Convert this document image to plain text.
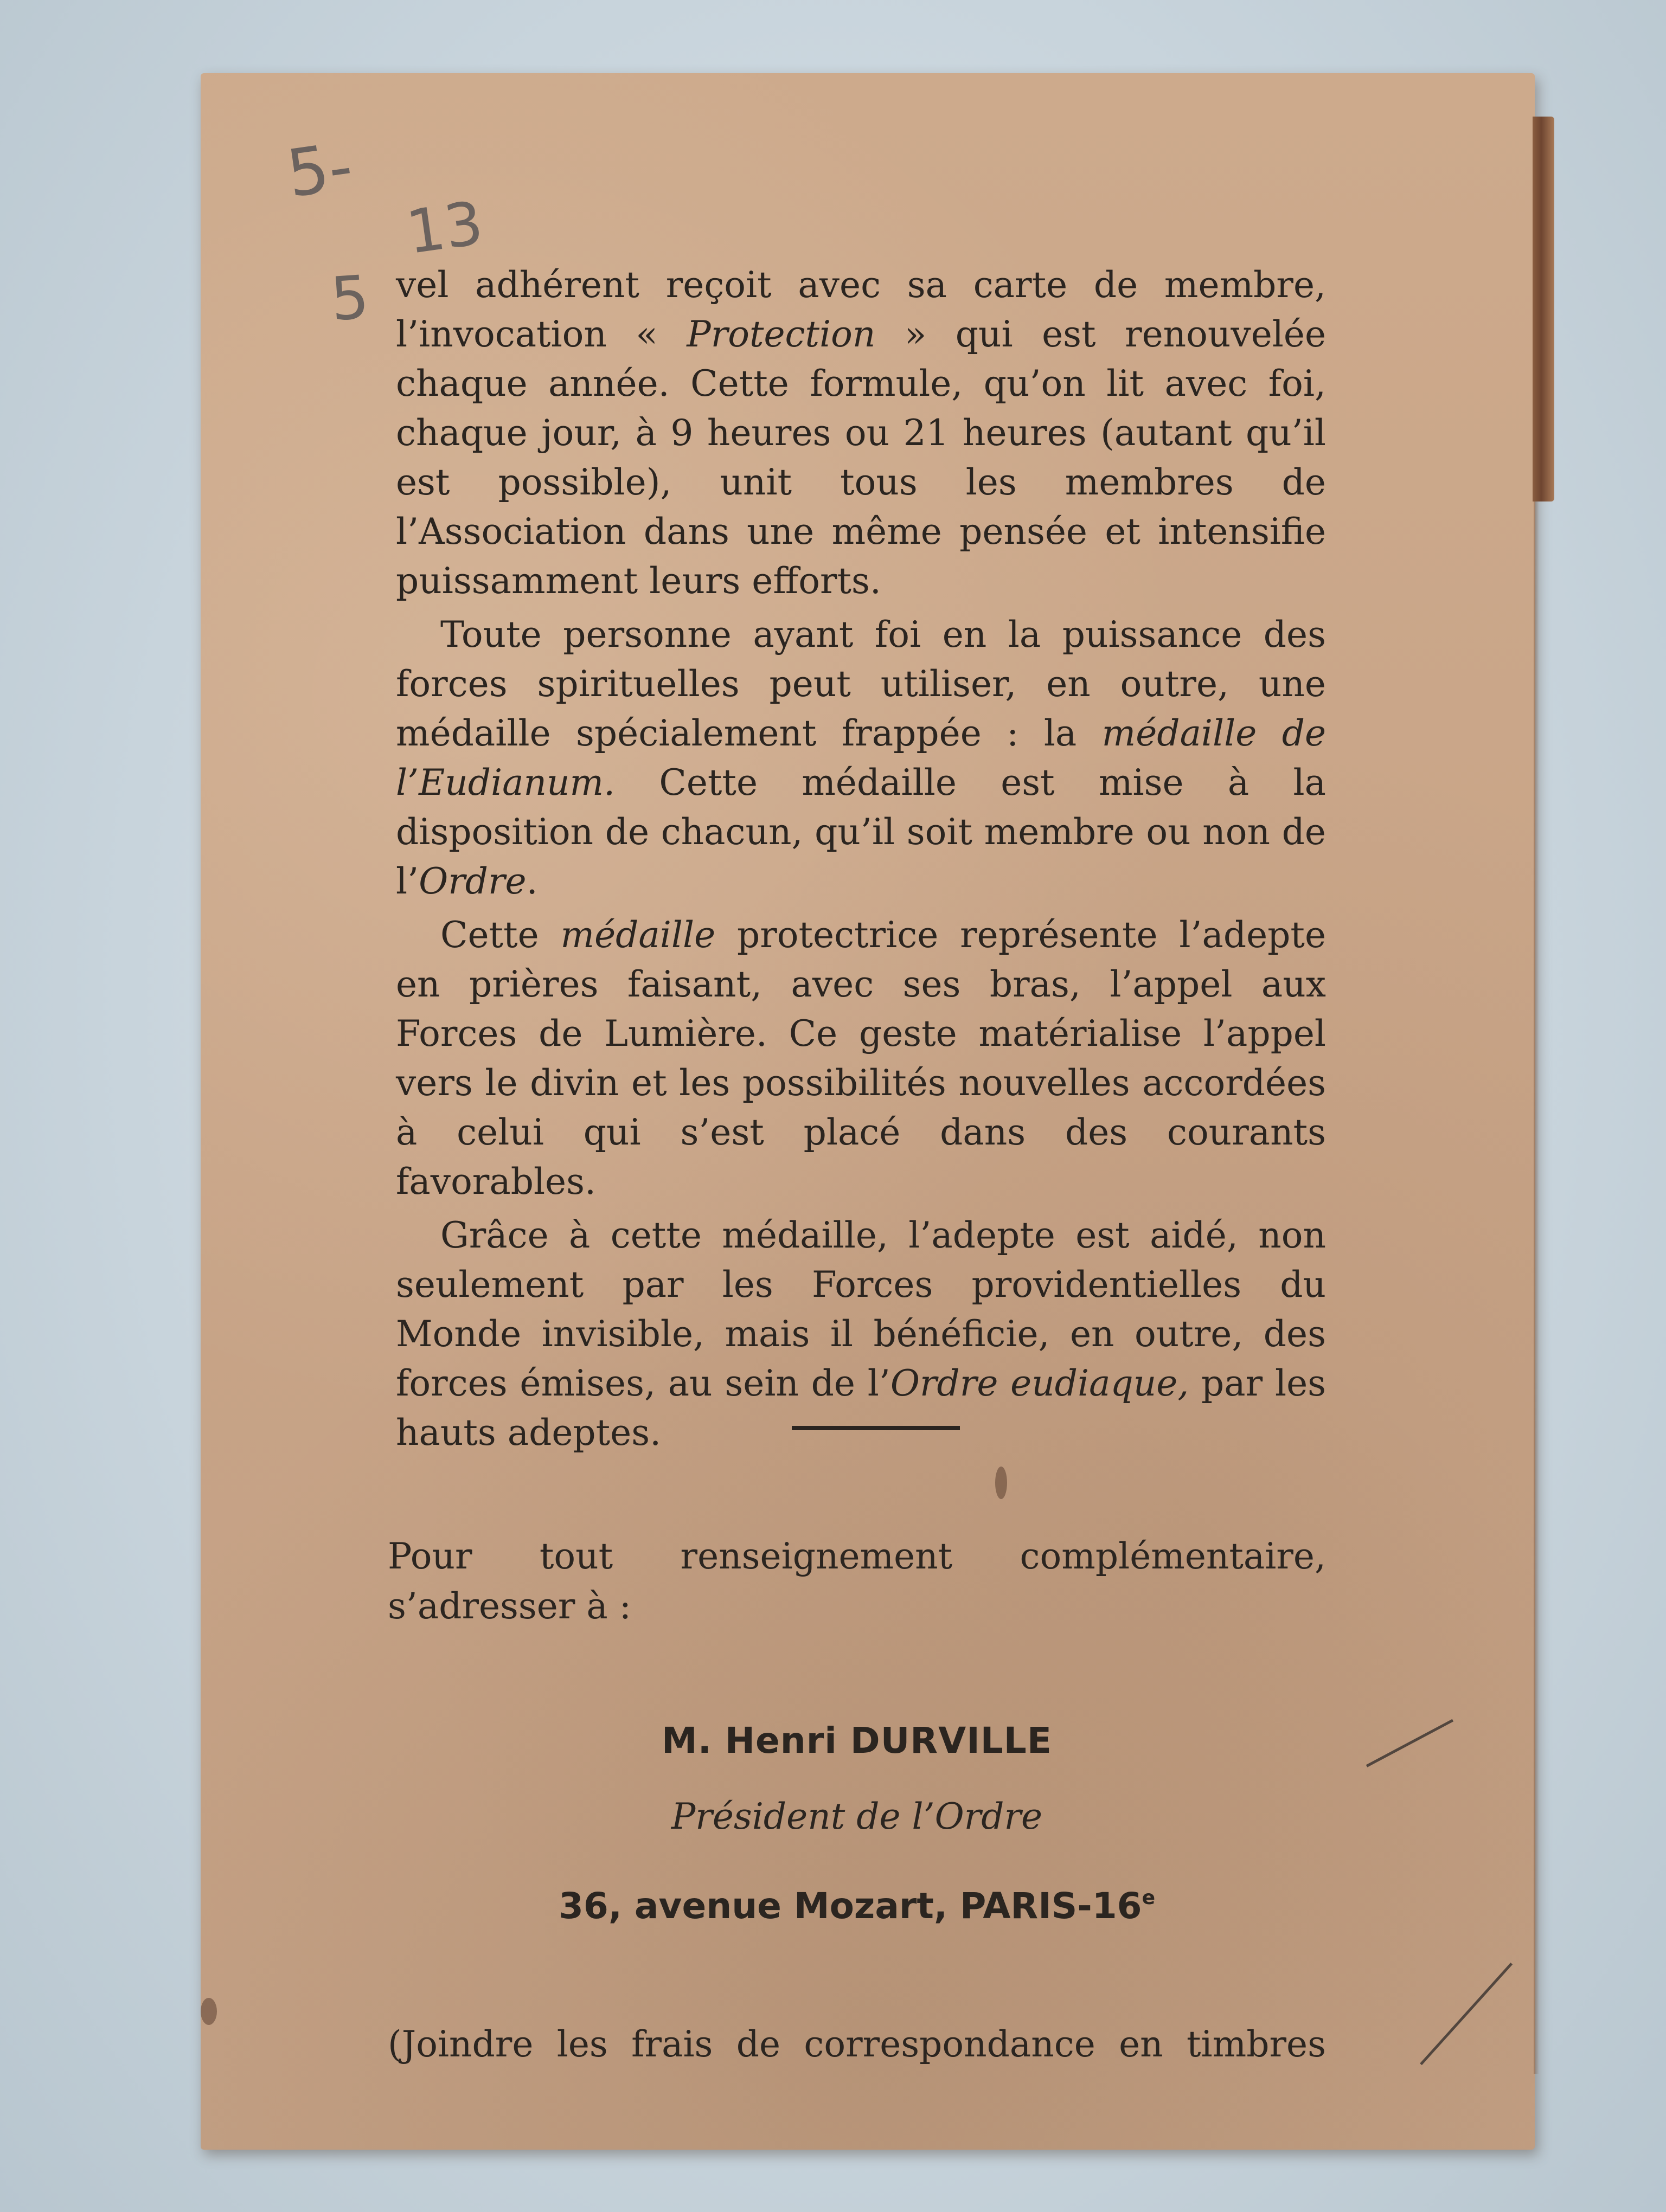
5-
13
5 vel adhérent reçoit avec sa carte de membre, l’invocation « Protection » qui est renouvelée chaque année. Cette formule, qu’on lit avec foi, chaque jour, à 9 heures ou 21 heures (autant qu’il est possible), unit tous les membres de l’Association dans une même pensée et intensifie puissamment leurs efforts.

Toute personne ayant foi en la puissance des forces spirituelles peut utiliser, en outre, une médaille spécialement frappée : la médaille de l’Eudianum. Cette médaille est mise à la disposition de chacun, qu’il soit membre ou non de l’Ordre.

Cette médaille protectrice représente l’adepte en prières faisant, avec ses bras, l’appel aux Forces de Lumière. Ce geste matérialise l’appel vers le divin et les possibilités nouvelles accordées à celui qui s’est placé dans des courants favorables.

Grâce à cette médaille, l’adepte est aidé, non seulement par les Forces providentielles du Monde invisible, mais il bénéficie, en outre, des forces émises, au sein de l’Ordre eudiaque, par les hauts adeptes.

Pour tout renseignement complémentaire,
s’adresser à :
M. Henri DURVILLE
Président de l’Ordre
36, avenue Mozart, PARIS-16e
(Joindre les frais de correspondance en timbres
